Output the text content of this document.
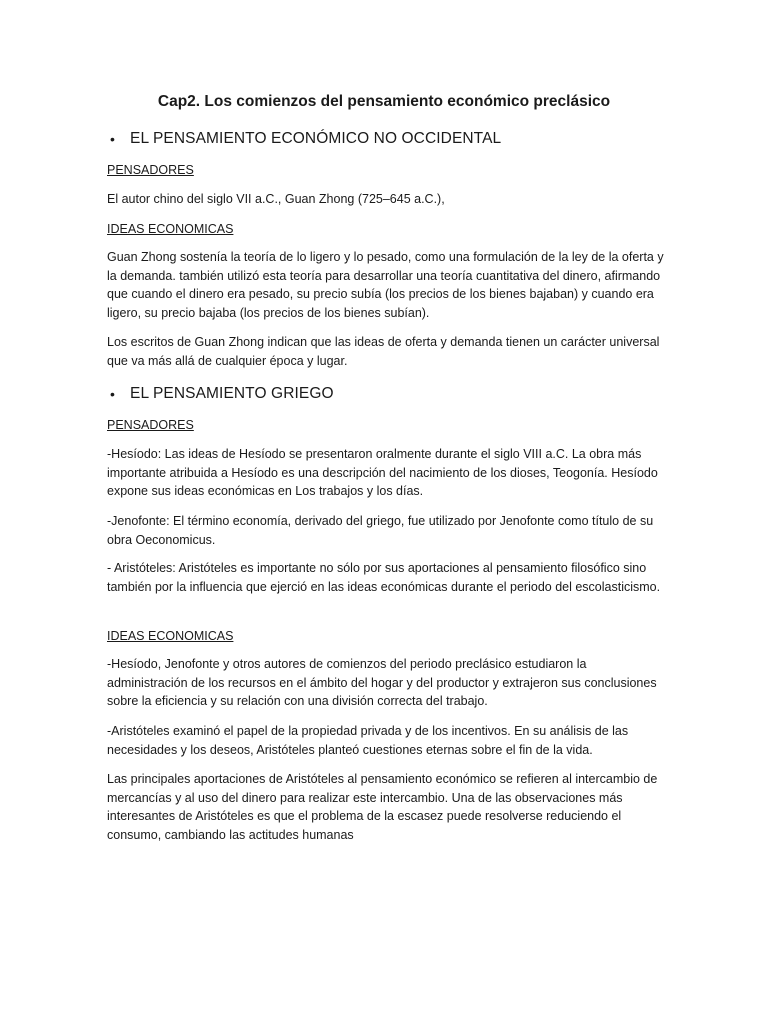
Cap2. Los comienzos del pensamiento económico preclásico
• EL PENSAMIENTO ECONÓMICO NO OCCIDENTAL
PENSADORES
El autor chino del siglo VII a.C., Guan Zhong (725–645 a.C.),
IDEAS ECONOMICAS
Guan Zhong sostenía la teoría de lo ligero y lo pesado, como una formulación de la ley de la oferta y la demanda. también utilizó esta teoría para desarrollar una teoría cuantitativa del dinero, afirmando que cuando el dinero era pesado, su precio subía (los precios de los bienes bajaban) y cuando era ligero, su precio bajaba (los precios de los bienes subían).
Los escritos de Guan Zhong indican que las ideas de oferta y demanda tienen un carácter universal que va más allá de cualquier época y lugar.
• EL PENSAMIENTO GRIEGO
PENSADORES
-Hesíodo: Las ideas de Hesíodo se presentaron oralmente durante el siglo VIII a.C. La obra más importante atribuida a Hesíodo es una descripción del nacimiento de los dioses, Teogonía. Hesíodo expone sus ideas económicas en Los trabajos y los días.
-Jenofonte: El término economía, derivado del griego, fue utilizado por Jenofonte como título de su obra Oeconomicus.
- Aristóteles: Aristóteles es importante no sólo por sus aportaciones al pensamiento filosófico sino también por la influencia que ejerció en las ideas económicas durante el periodo del escolasticismo.
IDEAS ECONOMICAS
-Hesíodo, Jenofonte y otros autores de comienzos del periodo preclásico estudiaron la administración de los recursos en el ámbito del hogar y del productor y extrajeron sus conclusiones sobre la eficiencia y su relación con una división correcta del trabajo.
-Aristóteles examinó el papel de la propiedad privada y de los incentivos. En su análisis de las necesidades y los deseos, Aristóteles planteó cuestiones eternas sobre el fin de la vida.
Las principales aportaciones de Aristóteles al pensamiento económico se refieren al intercambio de mercancías y al uso del dinero para realizar este intercambio. Una de las observaciones más interesantes de Aristóteles es que el problema de la escasez puede resolverse reduciendo el consumo, cambiando las actitudes humanas
